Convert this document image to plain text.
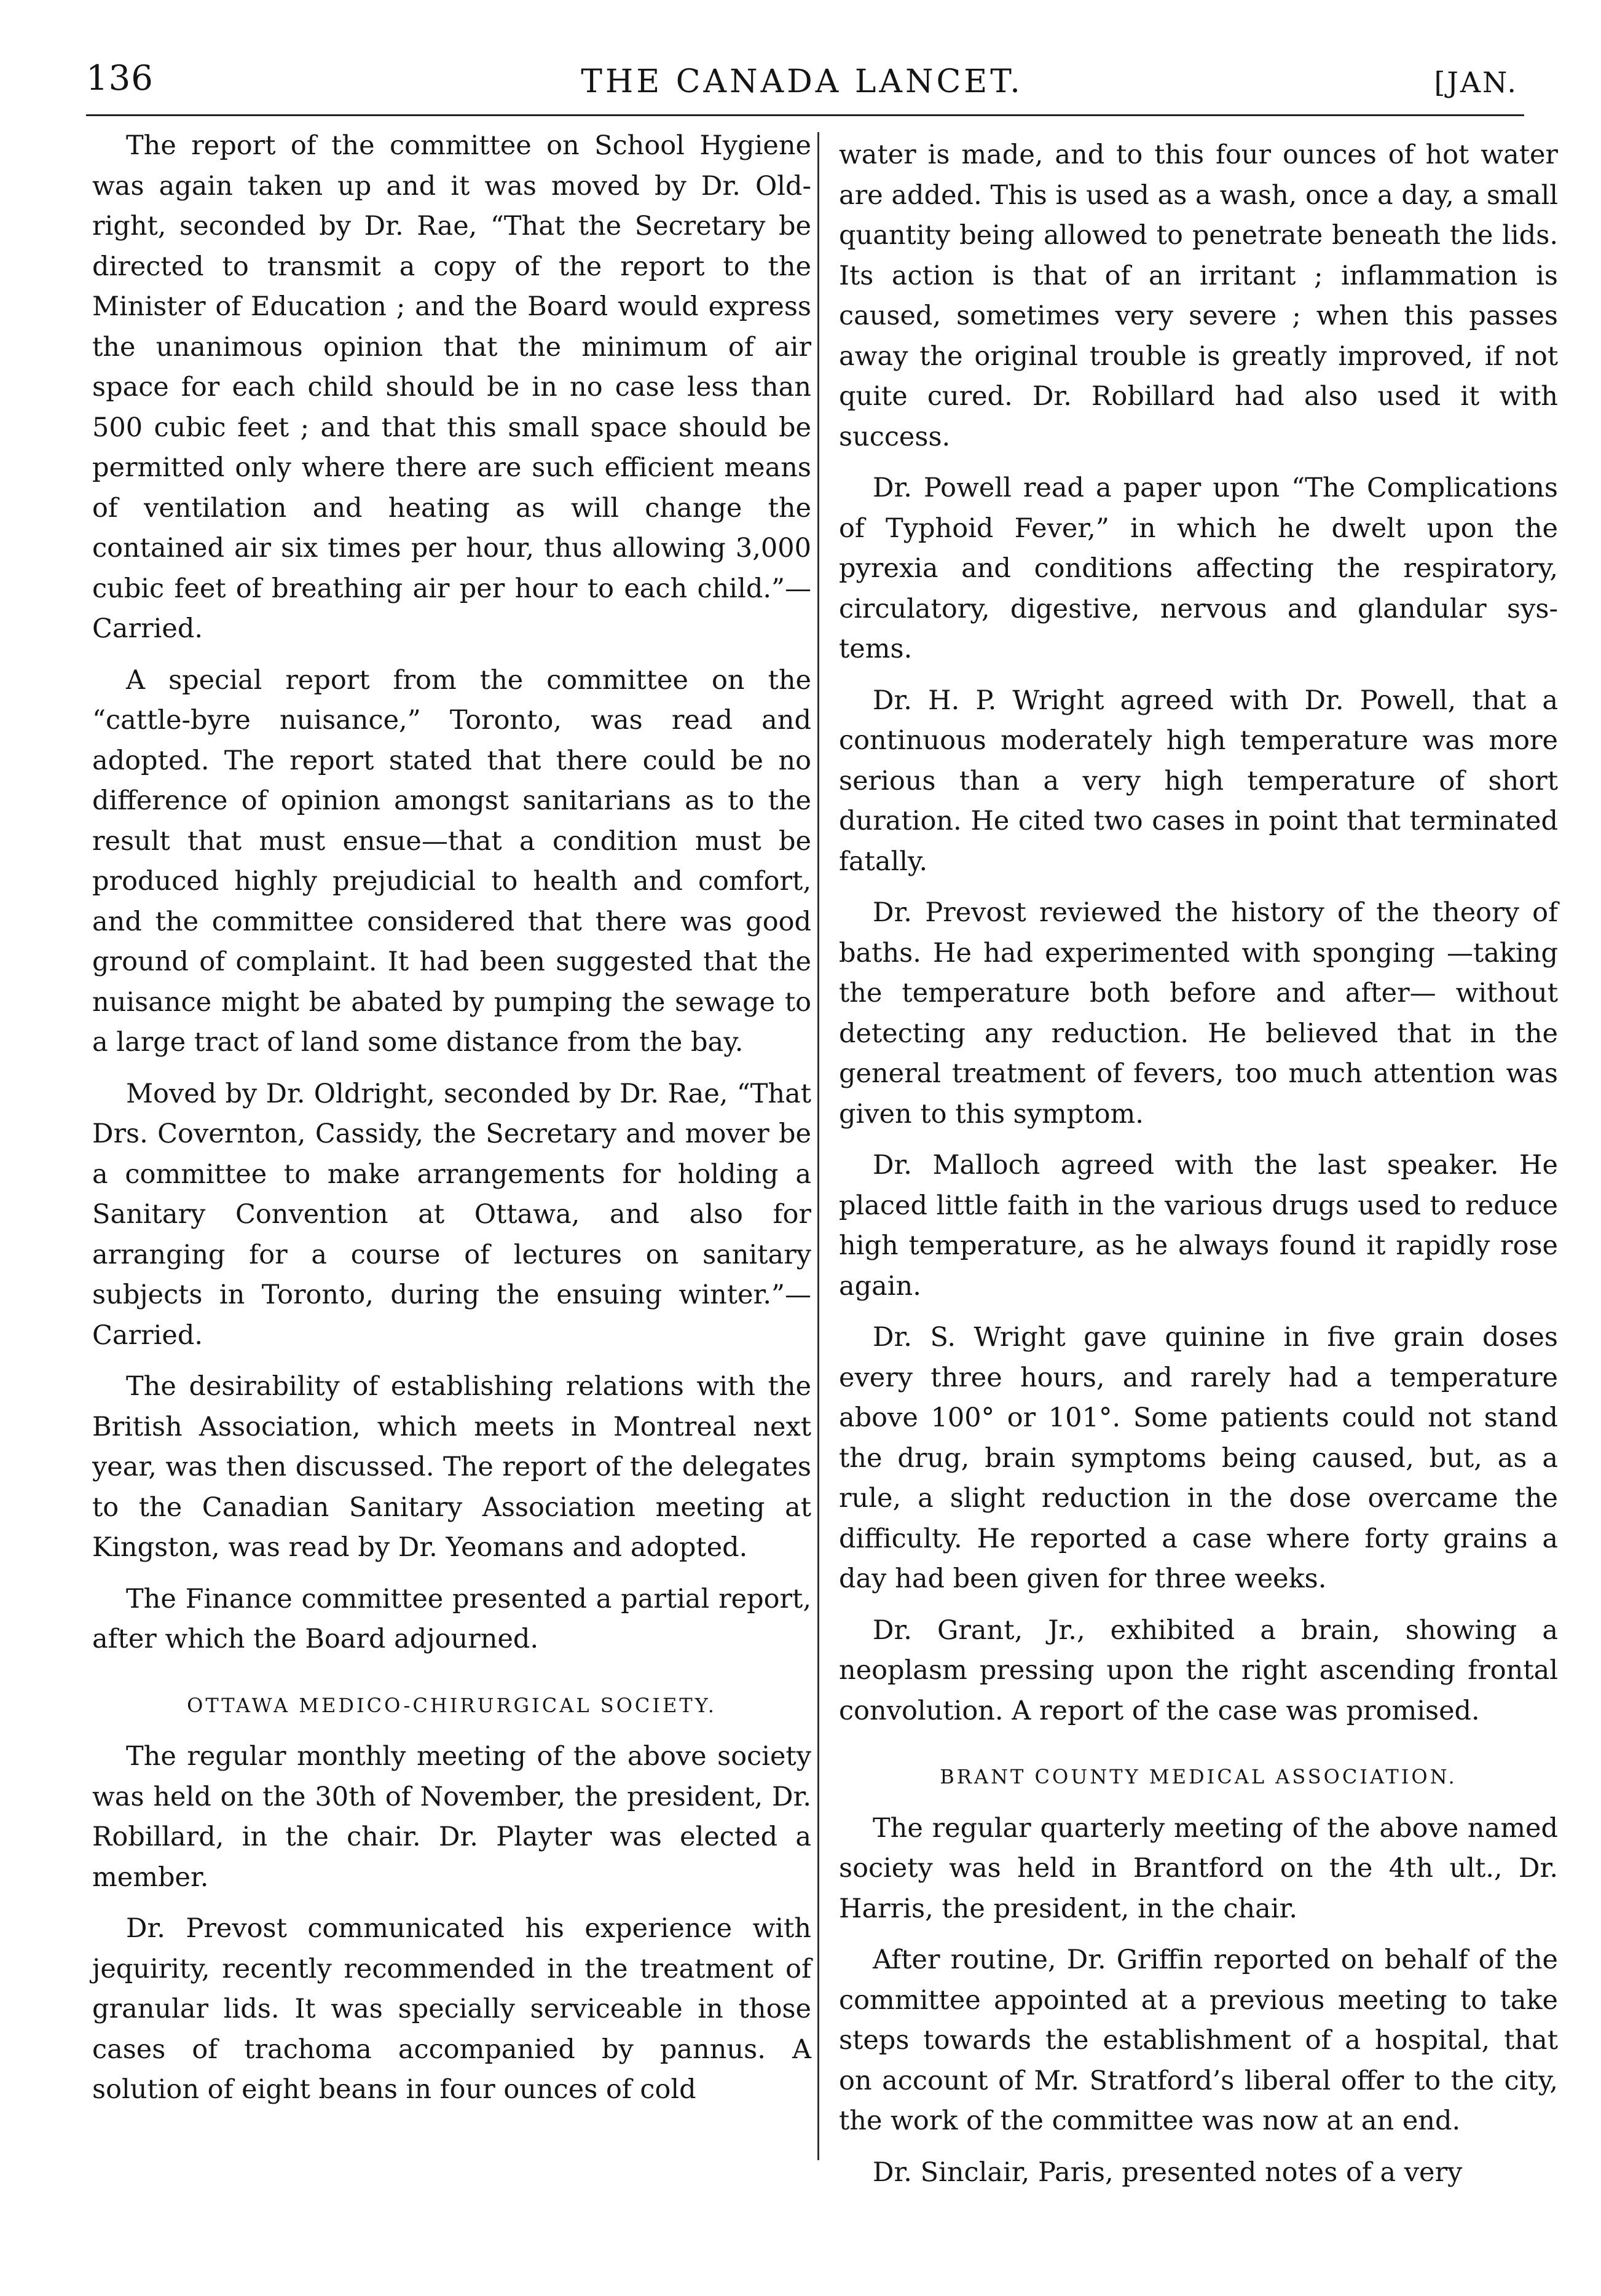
136	THE CANADA LANCET.	[JAN.

The report of the committee on School Hygiene was again taken up and it was moved by Dr. Oldright, seconded by Dr. Rae, “That the Secretary be directed to transmit a copy of the report to the Minister of Education ; and the Board would express the unanimous opinion that the minimum of air space for each child should be in no case less than 500 cubic feet ; and that this small space should be permitted only where there are such efficient means of ventilation and heating as will change the contained air six times per hour, thus allowing 3,000 cubic feet of breathing air per hour to each child.”—Carried.

A special report from the committee on the “cattle-byre nuisance,” Toronto, was read and adopted. The report stated that there could be no difference of opinion amongst sanitarians as to the result that must ensue—that a condition must be produced highly prejudicial to health and comfort, and the committee considered that there was good ground of complaint. It had been suggested that the nuisance might be abated by pumping the sewage to a large tract of land some distance from the bay.

Moved by Dr. Oldright, seconded by Dr. Rae, “That Drs. Covernton, Cassidy, the Secretary and mover be a committee to make arrangements for holding a Sanitary Convention at Ottawa, and also for arranging for a course of lectures on sanitary subjects in Toronto, during the ensuing winter.”—Carried.

The desirability of establishing relations with the British Association, which meets in Montreal next year, was then discussed. The report of the delegates to the Canadian Sanitary Association meeting at Kingston, was read by Dr. Yeomans and adopted.

The Finance committee presented a partial report, after which the Board adjourned.

OTTAWA MEDICO-CHIRURGICAL SOCIETY.

The regular monthly meeting of the above society was held on the 30th of November, the president, Dr. Robillard, in the chair. Dr. Playter was elected a member.

Dr. Prevost communicated his experience with jequirity, recently recommended in the treatment of granular lids. It was specially serviceable in those cases of trachoma accompanied by pannus. A solution of eight beans in four ounces of cold

water is made, and to this four ounces of hot water are added. This is used as a wash, once a day, a small quantity being allowed to penetrate beneath the lids. Its action is that of an irritant ; inflammation is caused, sometimes very severe ; when this passes away the original trouble is greatly improved, if not quite cured. Dr. Robillard had also used it with success.

Dr. Powell read a paper upon “The Complications of Typhoid Fever,” in which he dwelt upon the pyrexia and conditions affecting the respiratory, circulatory, digestive, nervous and glandular systems.

Dr. H. P. Wright agreed with Dr. Powell, that a continuous moderately high temperature was more serious than a very high temperature of short duration. He cited two cases in point that terminated fatally.

Dr. Prevost reviewed the history of the theory of baths. He had experimented with sponging —taking the temperature both before and after— without detecting any reduction. He believed that in the general treatment of fevers, too much attention was given to this symptom.

Dr. Malloch agreed with the last speaker. He placed little faith in the various drugs used to reduce high temperature, as he always found it rapidly rose again.

Dr. S. Wright gave quinine in five grain doses every three hours, and rarely had a temperature above 100° or 101°. Some patients could not stand the drug, brain symptoms being caused, but, as a rule, a slight reduction in the dose overcame the difficulty. He reported a case where forty grains a day had been given for three weeks.

Dr. Grant, Jr., exhibited a brain, showing a neoplasm pressing upon the right ascending frontal convolution. A report of the case was promised.

BRANT COUNTY MEDICAL ASSOCIATION.

The regular quarterly meeting of the above named society was held in Brantford on the 4th ult., Dr. Harris, the president, in the chair.

After routine, Dr. Griffin reported on behalf of the committee appointed at a previous meeting to take steps towards the establishment of a hospital, that on account of Mr. Stratford’s liberal offer to the city, the work of the committee was now at an end.

Dr. Sinclair, Paris, presented notes of a very
